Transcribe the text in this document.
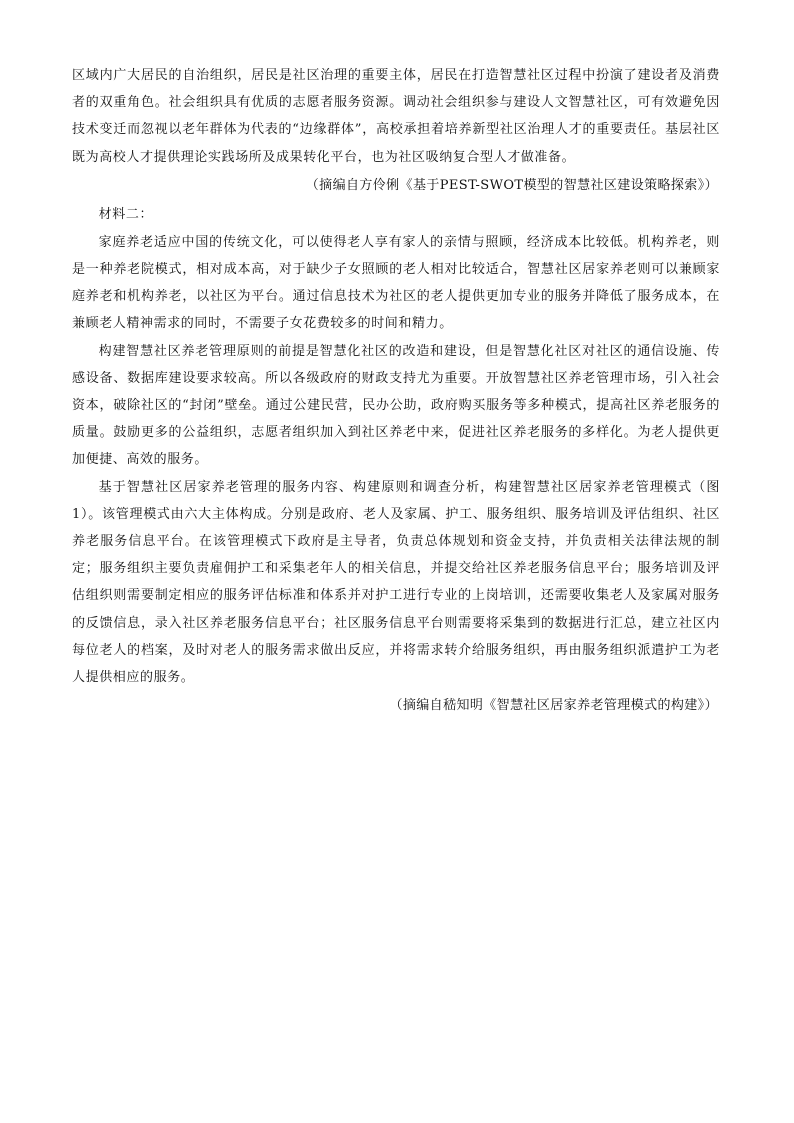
区域内广大居民的自治组织，居民是社区治理的重要主体，居民在打造智慧社区过程中扮演了建设者及消费者的双重角色。社会组织具有优质的志愿者服务资源。调动社会组织参与建设人文智慧社区，可有效避免因技术变迁而忽视以老年群体为代表的“边缘群体”，高校承担着培养新型社区治理人才的重要责任。基层社区既为高校人才提供理论实践场所及成果转化平台，也为社区吸纳复合型人才做准备。

（摘编自方伶俐《基于PEST-SWOT模型的智慧社区建设策略探索》）

材料二：

家庭养老适应中国的传统文化，可以使得老人享有家人的亲情与照顾，经济成本比较低。机构养老，则是一种养老院模式，相对成本高，对于缺少子女照顾的老人相对比较适合，智慧社区居家养老则可以兼顾家庭养老和机构养老，以社区为平台。通过信息技术为社区的老人提供更加专业的服务并降低了服务成本，在兼顾老人精神需求的同时，不需要子女花费较多的时间和精力。

构建智慧社区养老管理原则的前提是智慧化社区的改造和建设，但是智慧化社区对社区的通信设施、传感设备、数据库建设要求较高。所以各级政府的财政支持尤为重要。开放智慧社区养老管理市场，引入社会资本，破除社区的“封闭”壁垒。通过公建民营，民办公助，政府购买服务等多种模式，提高社区养老服务的质量。鼓励更多的公益组织，志愿者组织加入到社区养老中来，促进社区养老服务的多样化。为老人提供更加便捷、高效的服务。

基于智慧社区居家养老管理的服务内容、构建原则和调查分析，构建智慧社区居家养老管理模式（图1）。该管理模式由六大主体构成。分别是政府、老人及家属、护工、服务组织、服务培训及评估组织、社区养老服务信息平台。在该管理模式下政府是主导者，负责总体规划和资金支持，并负责相关法律法规的制定；服务组织主要负责雇佣护工和采集老年人的相关信息，并提交给社区养老服务信息平台；服务培训及评估组织则需要制定相应的服务评估标准和体系并对护工进行专业的上岗培训，还需要收集老人及家属对服务的反馈信息，录入社区养老服务信息平台；社区服务信息平台则需要将采集到的数据进行汇总，建立社区内每位老人的档案，及时对老人的服务需求做出反应，并将需求转介给服务组织，再由服务组织派遣护工为老人提供相应的服务。

（摘编自嵇知明《智慧社区居家养老管理模式的构建》）
